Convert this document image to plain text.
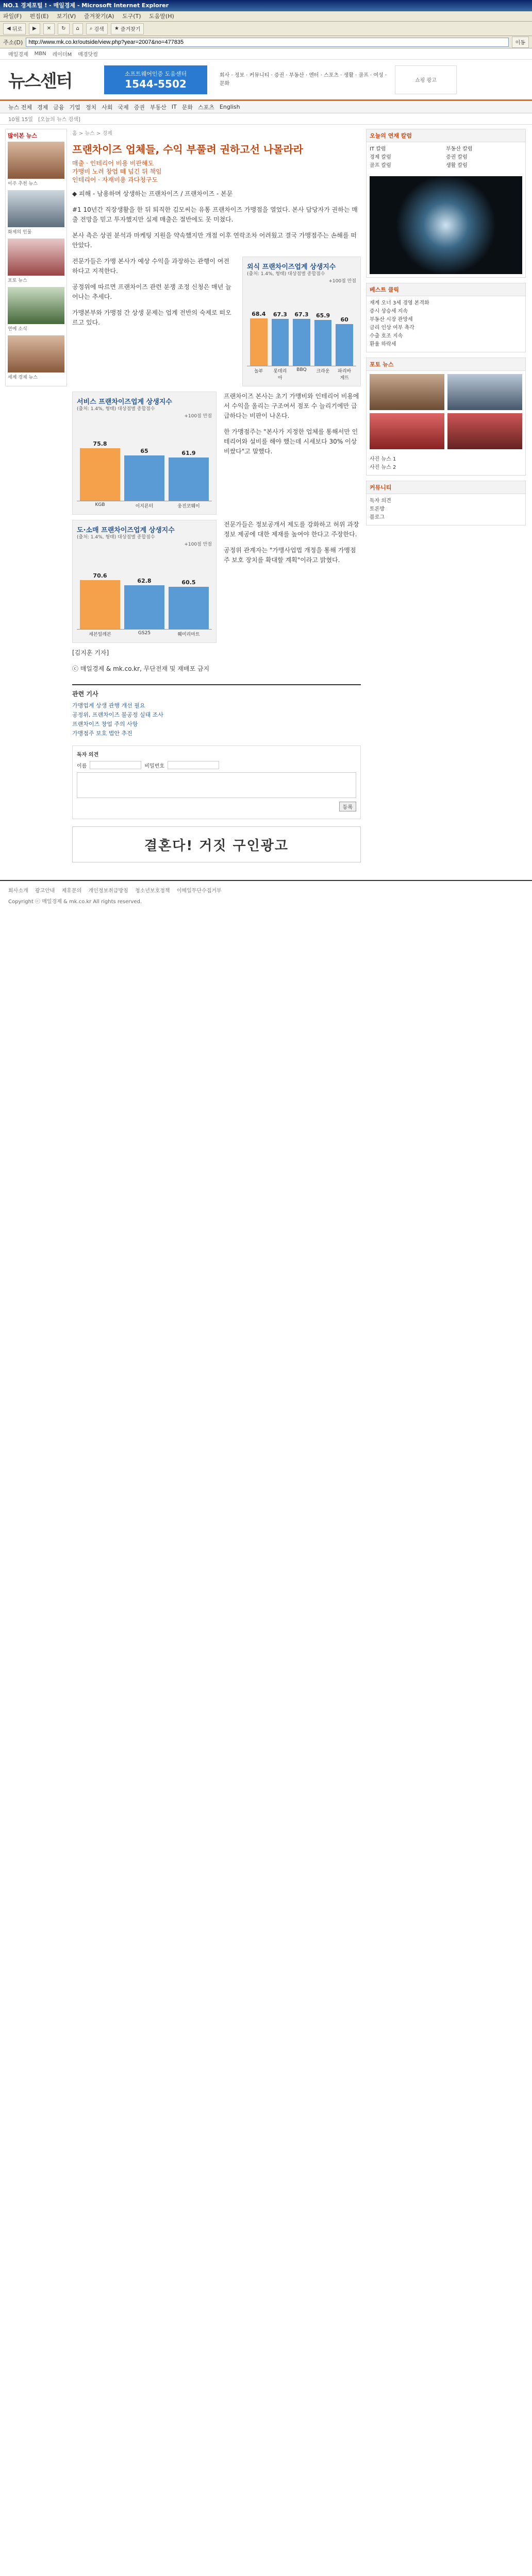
NO.1 경제포털 ! - 매일경제 - Microsoft Internet Explorer
파일(F) 편집(E) 보기(V) 즐겨찾기(A) 도구(T) 도움말(H)
◀ 뒤로 ▶ ✕ ↻ ⌂ ⌕ 검색 ★ 즐겨찾기
주소(D)
http://www.mk.co.kr/outside/view.php?year=2007&no=477835	이동
매일경제 MBN 레이더M 매경닷컴
뉴스센터	소프트웨어인증 도움센터
1544-5502
회사 · 정보 · 커뮤니티 · 증권 · 부동산 · 엔터 · 스포츠 · 생활 · 골프 · 여성 · 문화	쇼핑 광고
뉴스 전체 경제 금융 기업 정치 사회 국제 증권 부동산 IT 문화 스포츠 English
10월 15일 [오늘의 뉴스 검색]
많이본 뉴스
이주 추천 뉴스
화제의 인물
포토 뉴스
연예 소식
세계 경제 뉴스
홈 > 뉴스 > 경제
프랜차이즈 업체들, 수익 부풀려 권하고선 나몰라라
매출 · 인테리어 비용 비판해도
가맹비 노려 창업 떼 넘긴 뒤 책임
인테리어 · 자재비용 과다청구도

◆ 피해 - 남용하며 상생하는 프랜차이즈 / 프랜차이즈 - 본문

#1 10년간 직장생활을 한 뒤 퇴직한 김모씨는 유통 프랜차이즈 가맹점을 열었다. 본사 담당자가 권하는 매출 전망을 믿고 투자했지만 실제 매출은 절반에도 못 미쳤다.

본사 측은 상권 분석과 마케팅 지원을 약속했지만 개점 이후 연락조차 어려웠고 결국 가맹점주는 손해를 떠안았다.

외식 프랜차이즈업계 상생지수
(출처: 1.4%, 형태) 대상점별 종합점수
+100점 만점
68.4 67.3 67.3 65.9
60
놀부	롯데리아
BBQ	크라운	파리바게뜨

전문가들은 가맹 본사가 예상 수익을 과장하는 관행이 여전하다고 지적한다.

공정위에 따르면 프랜차이즈 관련 분쟁 조정 신청은 매년 늘어나는 추세다.

가맹본부와 가맹점 간 상생 문제는 업계 전반의 숙제로 떠오르고 있다.

서비스 프랜차이즈업계 상생지수
(출처: 1.4%, 형태) 대상점별 종합점수
+100점 만점
75.8
65	61.9
KGB	이지른터	웅진코웨이

프랜차이즈 본사는 초기 가맹비와 인테리어 비용에서 수익을 올리는 구조여서 점포 수 늘리기에만 급급하다는 비판이 나온다.

한 가맹점주는 "본사가 지정한 업체를 통해서만 인테리어와 설비를 해야 했는데 시세보다 30% 이상 비쌌다"고 말했다.

도·소매 프랜차이즈업계 상생지수
(출처: 1.4%, 형태) 대상점별 종합점수
+100점 만점
70.6
62.8	60.5
세븐일레븐	GS25	훼미리마트

전문가들은 정보공개서 제도를 강화하고 허위 과장 정보 제공에 대한 제재를 높여야 한다고 주장한다.

공정위 관계자는 "가맹사업법 개정을 통해 가맹점주 보호 장치를 확대할 계획"이라고 밝혔다.

[김지훈 기자]

ⓒ 매일경제 & mk.co.kr, 무단전재 및 재배포 금지

관련 기사
가맹업계 상생 관행 개선 필요
공정위, 프랜차이즈 불공정 실태 조사
프랜차이즈 창업 주의 사항
가맹점주 보호 법안 추진
독자 의견
이름	비밀번호
등록
결혼다! 거짓 구인광고
오늘의 연재 칼럼
IT 칼럼	부동산 칼럼
경제 칼럼	증권 칼럼
골프 칼럼	생활 칼럼
베스트 클릭
재계 오너 3세 경영 본격화
증시 상승세 지속
부동산 시장 관망세
금리 인상 여부 촉각
수출 호조 지속
환율 하락세
포토 뉴스
사진 뉴스 1
사진 뉴스 2
커뮤니티
독자 의견
토론방
블로그
회사소개 광고안내 제휴문의 개인정보취급방침 청소년보호정책 이메일무단수집거부
Copyright ⓒ 매일경제 & mk.co.kr All rights reserved.
